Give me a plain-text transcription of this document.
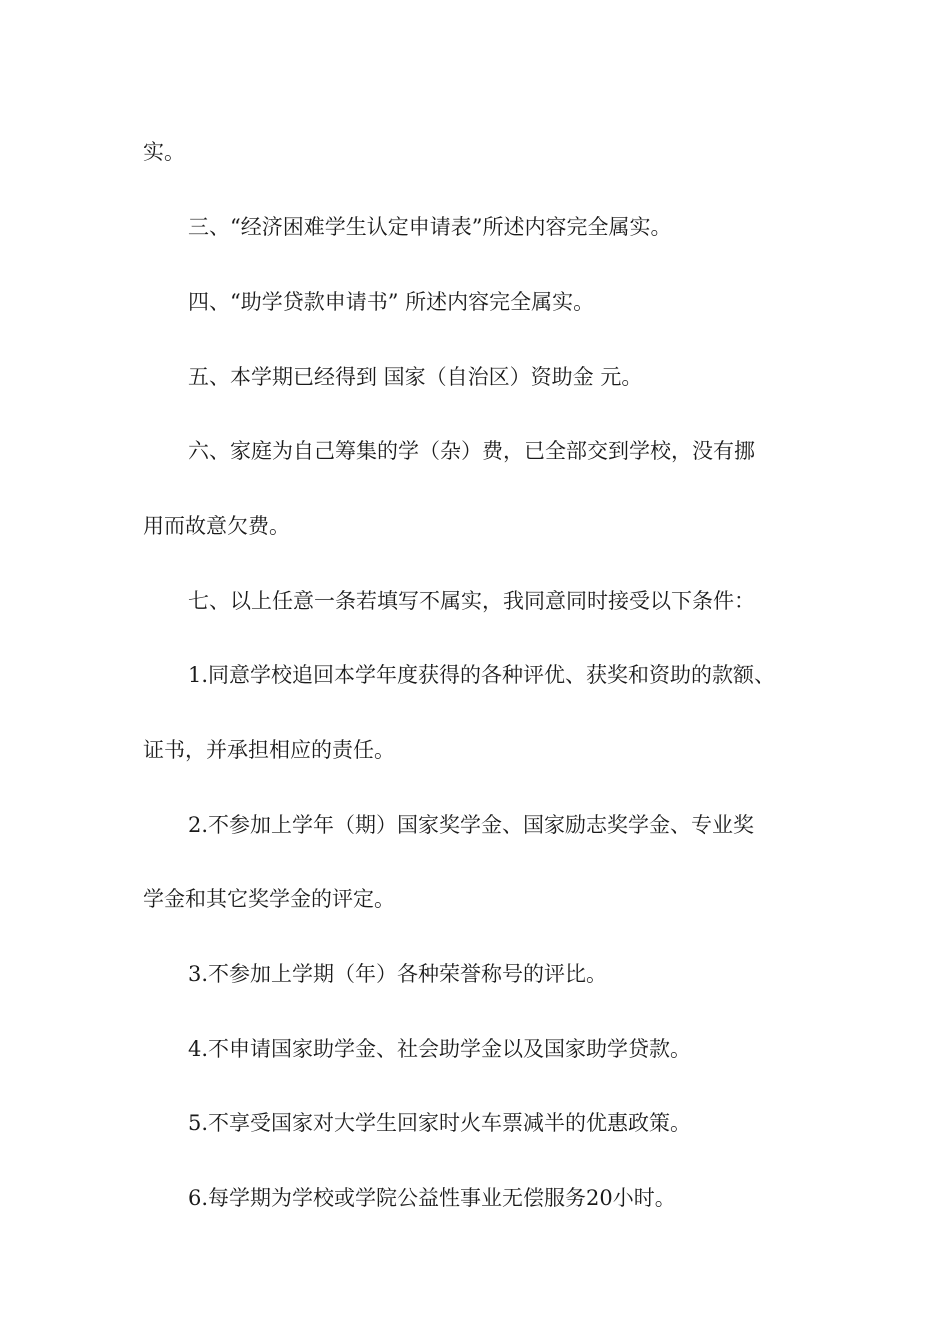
实。
三、“经济困难学生认定申请表”所述内容完全属实。
四、“助学贷款申请书” 所述内容完全属实。
五、本学期已经得到 国家（自治区）资助金 元。
六、家庭为自己筹集的学（杂）费，已全部交到学校，没有挪
用而故意欠费。
七、以上任意一条若填写不属实，我同意同时接受以下条件：
1.同意学校追回本学年度获得的各种评优、获奖和资助的款额、
证书，并承担相应的责任。
2.不参加上学年（期）国家奖学金、国家励志奖学金、专业奖
学金和其它奖学金的评定。
3.不参加上学期（年）各种荣誉称号的评比。
4.不申请国家助学金、社会助学金以及国家助学贷款。
5.不享受国家对大学生回家时火车票减半的优惠政策。
6.每学期为学校或学院公益性事业无偿服务20小时。
